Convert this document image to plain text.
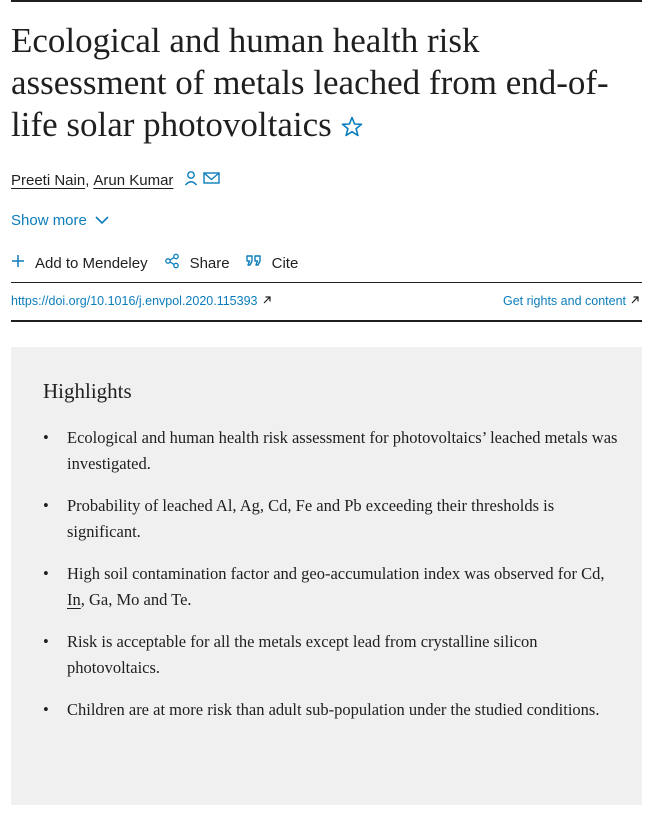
Ecological and human health risk assessment of metals leached from end-of-life solar photovoltaics
Preeti Nain , Arun Kumar
Show more
Add to Mendeley	Share	Cite
https://doi.org/10.1016/j.envpol.2020.115393	Get rights and content
Highlights
• Ecological and human health risk assessment for photovoltaics’ leached metals was investigated.
• Probability of leached Al, Ag, Cd, Fe and Pb exceeding their thresholds is significant.
• High soil contamination factor and geo-accumulation index was observed for Cd, In, Ga, Mo and Te.
• Risk is acceptable for all the metals except lead from crystalline silicon photovoltaics.
• Children are at more risk than adult sub-population under the studied conditions.
